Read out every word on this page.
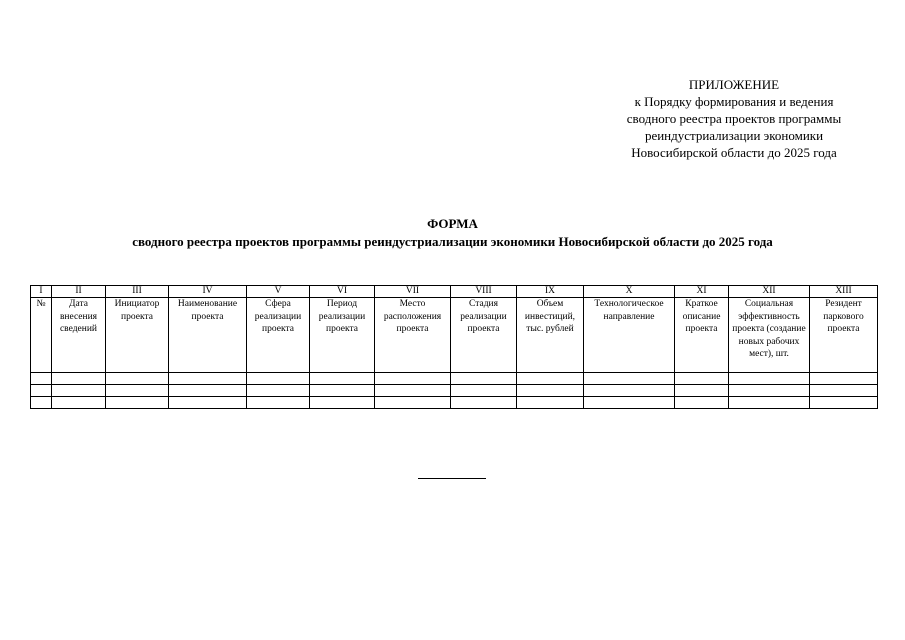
ПРИЛОЖЕНИЕ
к Порядку формирования и ведения
сводного реестра проектов программы
реиндустриализации экономики
Новосибирской области до 2025 года
ФОРМА
сводного реестра проектов программы реиндустриализации экономики Новосибирской области до 2025 года
I	II	III	IV	V	VI	VII	VIII	IX	X	XI	XII	XIII
№	Дата внесения сведений	Инициатор проекта	Наименование проекта	Сфера реализации проекта	Период реализации проекта	Место расположения проекта	Стадия реализации проекта	Объем инвестиций, тыс. рублей	Технологическое направление	Краткое описание проекта	Социальная эффективность проекта (создание новых рабочих мест), шт.	Резидент паркового проекта
